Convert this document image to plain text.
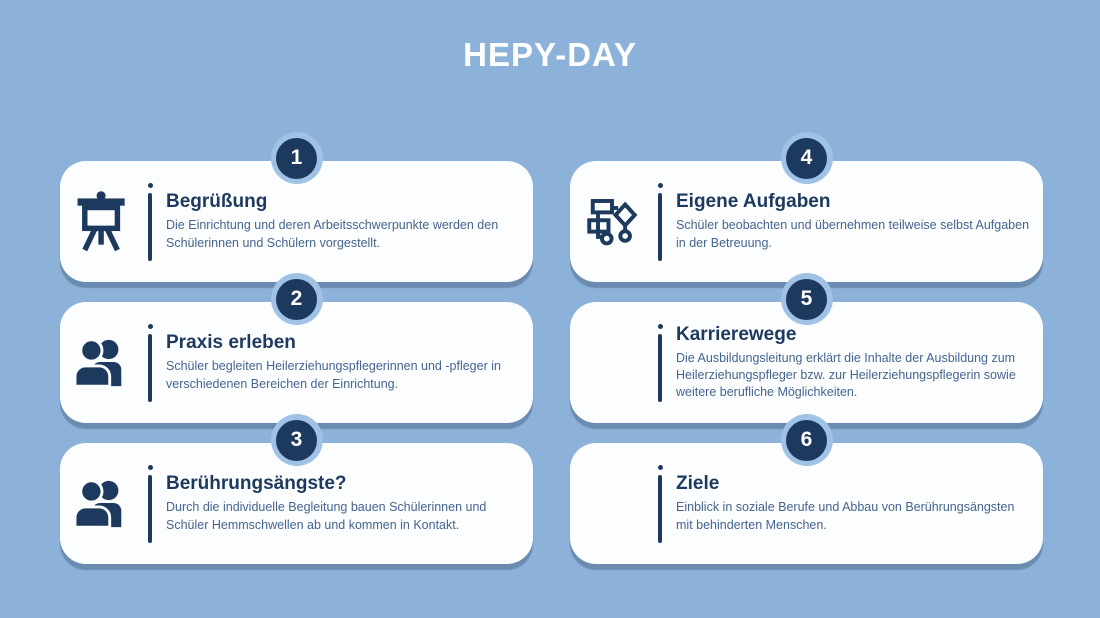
HEPY-DAY
1
Begrüßung

Die Einrichtung und deren Arbeitsschwerpunkte werden den Schülerinnen und Schülern vorgestellt.

2
Praxis erleben

Schüler begleiten Heilerziehungspflegerinnen und -pfleger in verschiedenen Bereichen der Einrichtung.

3
Berührungsängste?

Durch die individuelle Begleitung bauen Schülerinnen und Schüler Hemmschwellen ab und kommen in Kontakt.

4
Eigene Aufgaben

Schüler beobachten und übernehmen teilweise selbst Aufgaben in der Betreuung.

5
Karrierewege

Die Ausbildungsleitung erklärt die Inhalte der Ausbildung zum Heilerziehungspfleger bzw. zur Heilerziehungspflegerin sowie weitere berufliche Möglichkeiten.

6
Ziele

Einblick in soziale Berufe und Abbau von Berührungsängsten mit behinderten Menschen.
